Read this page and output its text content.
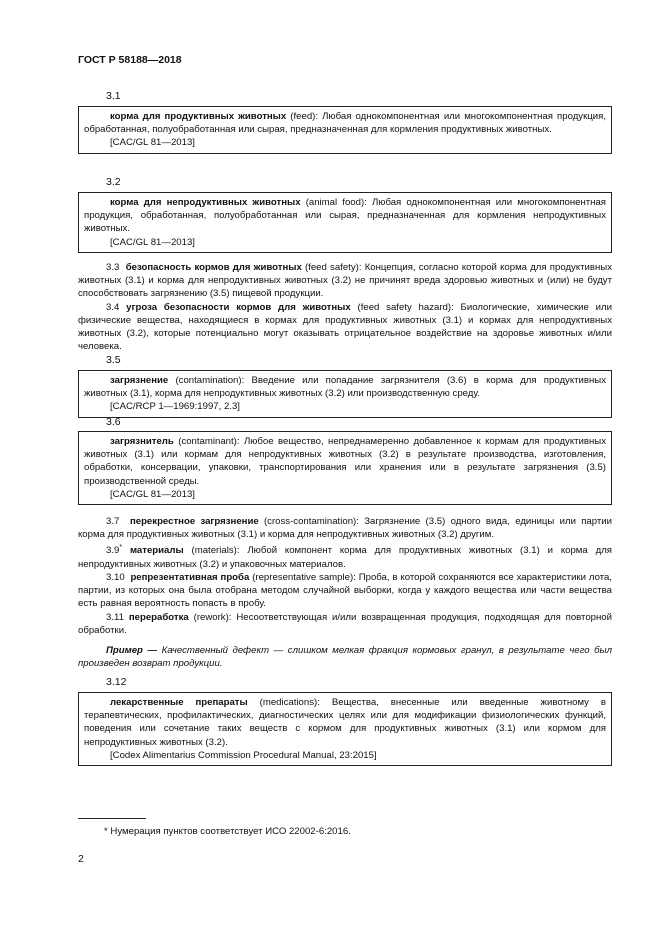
ГОСТ Р 58188—2018
3.1

корма для продуктивных животных (feed): Любая однокомпонентная или многокомпонентная продукция, обработанная, полуобработанная или сырая, предназначенная для кормления продуктивных животных.

[CAC/GL 81—2013]

3.2

корма для непродуктивных животных (animal food): Любая однокомпонентная или многокомпонентная продукция, обработанная, полуобработанная или сырая, предназначенная для кормления непродуктивных животных.

[CAC/GL 81—2013]

3.3 безопасность кормов для животных (feed safety): Концепция, согласно которой корма для продуктивных животных (3.1) и корма для непродуктивных животных (3.2) не причинят вреда здоровью животных и (или) не будут способствовать загрязнению (3.5) пищевой продукции.

3.4 угроза безопасности кормов для животных (feed safety hazard): Биологические, химические или физические вещества, находящиеся в кормах для продуктивных животных (3.1) и кормах для непродуктивных животных (3.2), которые потенциально могут оказывать отрицательное воздействие на здоровье животных и/или человека.

3.5

загрязнение (contamination): Введение или попадание загрязнителя (3.6) в корма для продуктивных животных (3.1), корма для непродуктивных животных (3.2) или производственную среду.

[CAC/RCP 1—1969:1997, 2.3]

3.6

загрязнитель (contaminant): Любое вещество, непреднамеренно добавленное к кормам для продуктивных животных (3.1) или кормам для непродуктивных животных (3.2) в результате производства, изготовления, обработки, консервации, упаковки, транспортирования или хранения или в результате загрязнения (3.5) производственной среды.

[CAC/GL 81—2013]

3.7 перекрестное загрязнение (cross-contamination): Загрязнение (3.5) одного вида, единицы или партии корма для продуктивных животных (3.1) и корма для непродуктивных животных (3.2) другим.

3.9* материалы (materials): Любой компонент корма для продуктивных животных (3.1) и корма для непродуктивных животных (3.2) и упаковочных материалов.

3.10 репрезентативная проба (representative sample): Проба, в которой сохраняются все характеристики лота, партии, из которых она была отобрана методом случайной выборки, когда у каждого вещества или части вещества есть равная вероятность попасть в пробу.

3.11 переработка (rework): Несоответствующая и/или возвращенная продукция, подходящая для повторной обработки.

Пример — Качественный дефект — слишком мелкая фракция кормовых гранул, в результате чего был произведен возврат продукции.
3.12

лекарственные препараты (medications): Вещества, внесенные или введенные животному в терапевтических, профилактических, диагностических целях или для модификации физиологических функций, поведения или сочетание таких веществ с кормом для продуктивных животных (3.1) или кормом для непродуктивных животных (3.2).

[Codex Alimentarius Commission Procedural Manual, 23:2015]

* Нумерация пунктов соответствует ИСО 22002-6:2016.
2
